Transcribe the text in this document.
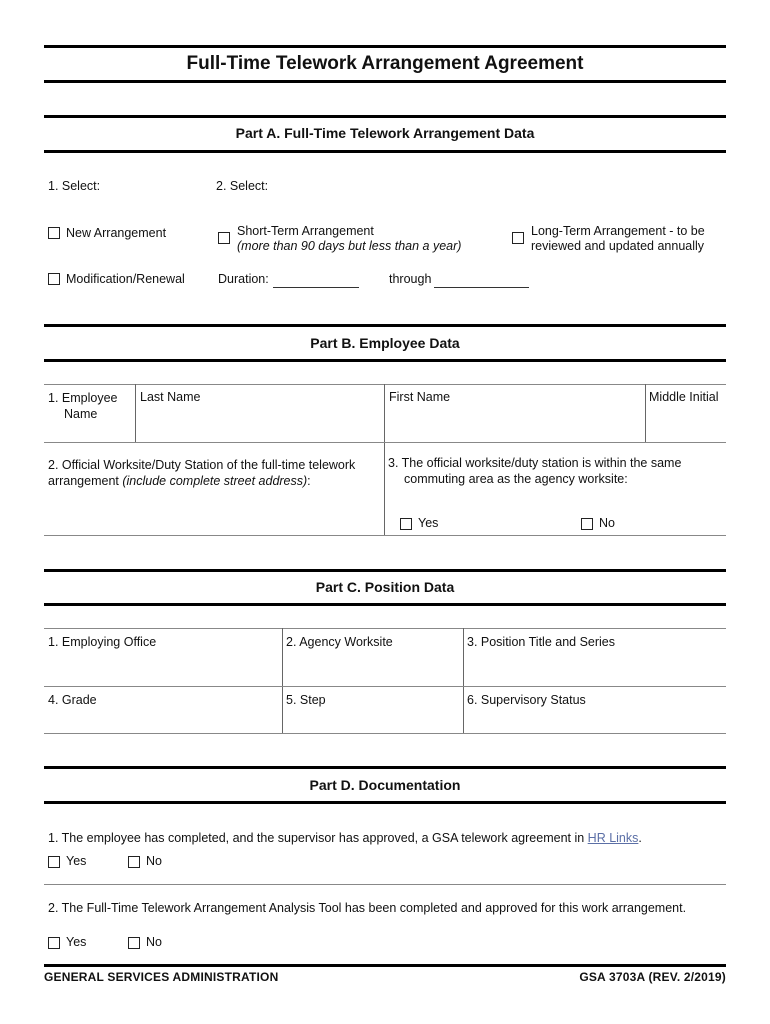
Full-Time Telework Arrangement Agreement
Part A. Full-Time Telework Arrangement Data
1. Select:	2. Select:
New Arrangement	Short-Term Arrangement
(more than 90 days but less than a year)
Long-Term Arrangement - to be
reviewed and updated annually
Modification/Renewal	Duration:	through
Part B. Employee Data
1. Employee
Name
Last Name	First Name	Middle Initial
2. Official Worksite/Duty Station of the full-time telework
arrangement (include complete street address):
3. The official worksite/duty station is within the same
commuting area as the agency worksite:
Yes	No
Part C. Position Data
1. Employing Office	2. Agency Worksite	3. Position Title and Series
4. Grade	5. Step	6. Supervisory Status
Part D. Documentation
1. The employee has completed, and the supervisor has approved, a GSA telework agreement in HR Links.
Yes	No
2. The Full-Time Telework Arrangement Analysis Tool has been completed and approved for this work arrangement.
Yes	No
GENERAL SERVICES ADMINISTRATION	GSA 3703A (REV. 2/2019)
